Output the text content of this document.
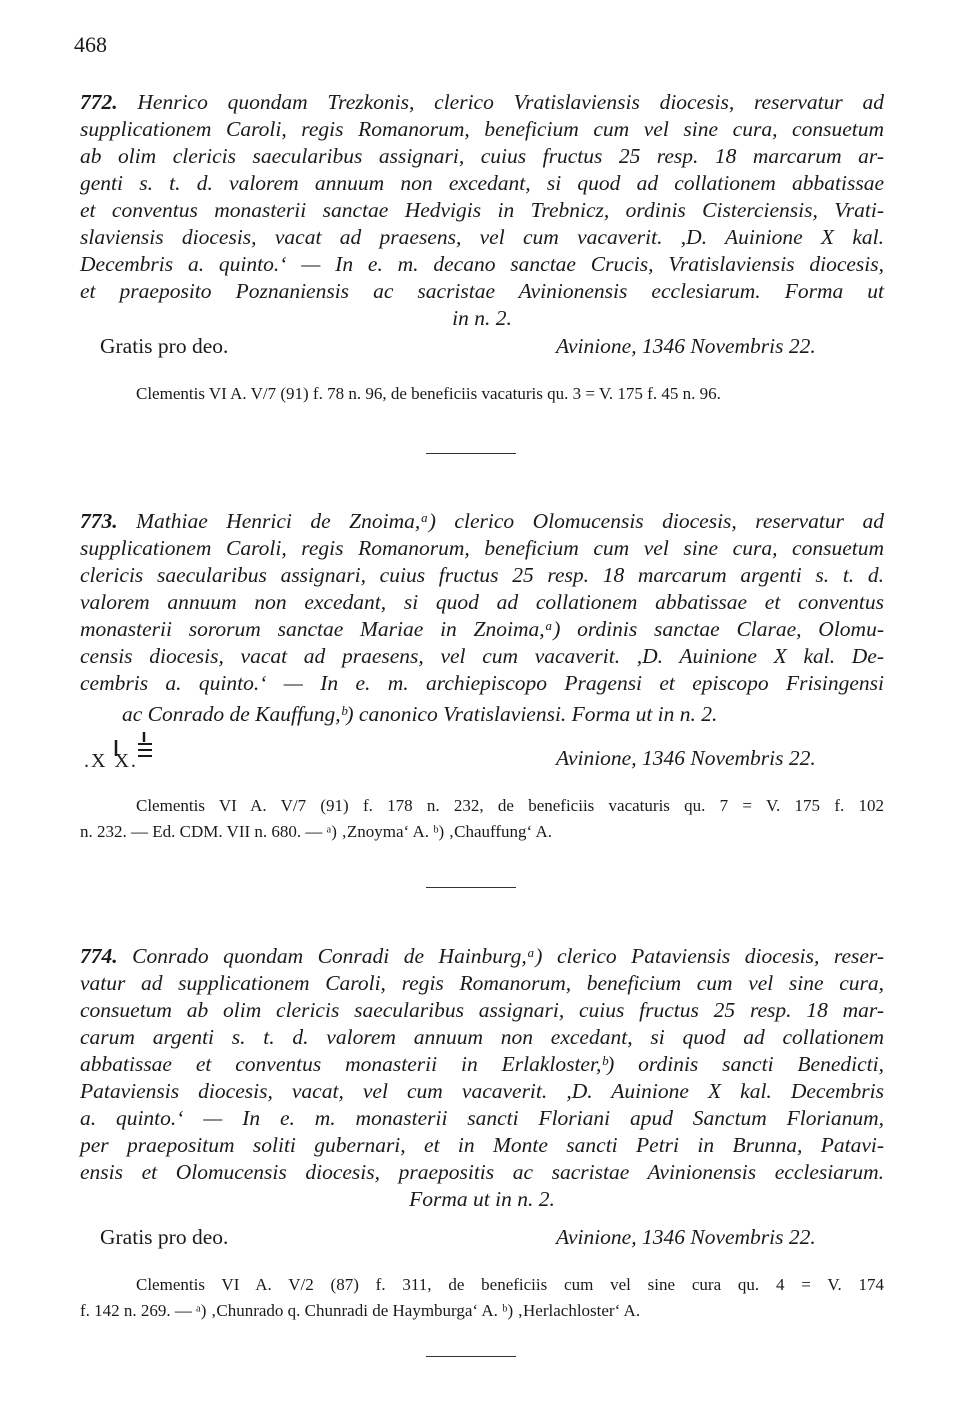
468
772. Henrico quondam Trezkonis, clerico Vratislaviensis diocesis, reservatur ad
supplicationem Caroli, regis Romanorum, beneficium cum vel sine cura, consuetum
ab olim clericis saecularibus assignari, cuius fructus 25 resp. 18 marcarum ar-
genti s. t. d. valorem annuum non excedant, si quod ad collationem abbatissae
et conventus monasterii sanctae Hedvigis in Trebnicz, ordinis Cisterciensis, Vrati-
slaviensis diocesis, vacat ad praesens, vel cum vacaverit. ,D. Auinione X kal.
Decembris a. quinto.‘ — In e. m. decano sanctae Crucis, Vratislaviensis diocesis,
et praeposito Poznaniensis ac sacristae Avinionensis ecclesiarum. Forma ut
in n. 2.
Gratis pro deo.	Avinione, 1346 Novembris 22.
Clementis VI A. V/7 (91) f. 78 n. 96, de beneficiis vacaturis qu. 3 = V. 175 f. 45 n. 96.
773. Mathiae Henrici de Znoima,ᵃ) clerico Olomucensis diocesis, reservatur ad
supplicationem Caroli, regis Romanorum, beneficium cum vel sine cura, consuetum
clericis saecularibus assignari, cuius fructus 25 resp. 18 marcarum argenti s. t. d.
valorem annuum non excedant, si quod ad collationem abbatissae et conventus
monasterii sororum sanctae Mariae in Znoima,ᵃ) ordinis sanctae Clarae, Olomu-
censis diocesis, vacat ad praesens, vel cum vacaverit. ,D. Auinione X kal. De-
cembris a. quinto.‘ — In e. m. archiepiscopo Pragensi et episcopo Frisingensi
ac Conrado de Kauffung,ᵇ) canonico Vratislaviensi. Forma ut in n. 2.
.X X.	Avinione, 1346 Novembris 22.
Clementis VI A. V/7 (91) f. 178 n. 232, de beneficiis vacaturis qu. 7 = V. 175 f. 102
n. 232. — Ed. CDM. VII n. 680. — ᵃ) ‚Znoyma‘ A. ᵇ) ‚Chauffung‘ A.
774. Conrado quondam Conradi de Hainburg,ᵃ) clerico Pataviensis diocesis, reser-
vatur ad supplicationem Caroli, regis Romanorum, beneficium cum vel sine cura,
consuetum ab olim clericis saecularibus assignari, cuius fructus 25 resp. 18 mar-
carum argenti s. t. d. valorem annuum non excedant, si quod ad collationem
abbatissae et conventus monasterii in Erlakloster,ᵇ) ordinis sancti Benedicti,
Pataviensis diocesis, vacat, vel cum vacaverit. ,D. Auinione X kal. Decembris
a. quinto.‘ — In e. m. monasterii sancti Floriani apud Sanctum Florianum,
per praepositum soliti gubernari, et in Monte sancti Petri in Brunna, Patavi-
ensis et Olomucensis diocesis, praepositis ac sacristae Avinionensis ecclesiarum.
Forma ut in n. 2.
Gratis pro deo.	Avinione, 1346 Novembris 22.
Clementis VI A. V/2 (87) f. 311, de beneficiis cum vel sine cura qu. 4 = V. 174
f. 142 n. 269. — ᵃ) ‚Chunrado q. Chunradi de Haymburga‘ A. ᵇ) ‚Herlachloster‘ A.
